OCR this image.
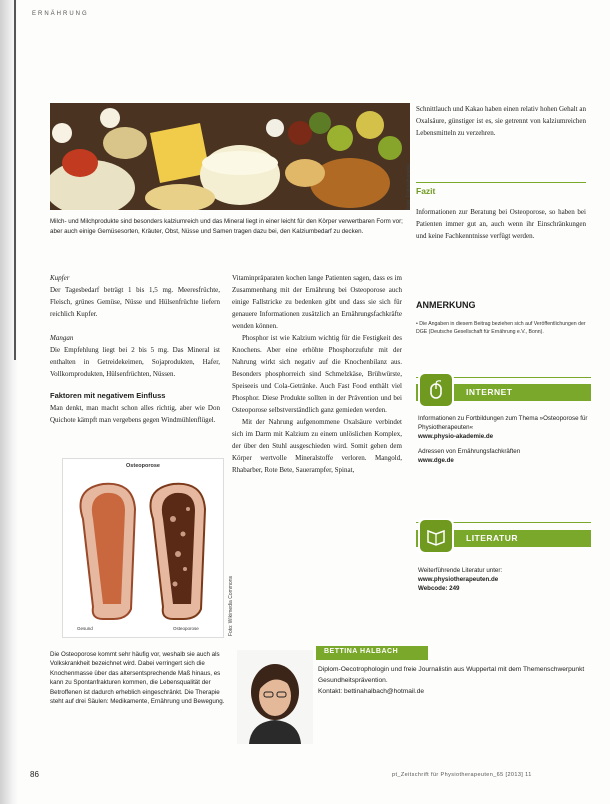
ERNÄHRUNG
Foto: Fotolia/Kanolla
Milch- und Milchprodukte sind besonders kalziumreich und das Mineral liegt in einer leicht für den Körper verwertbaren Form vor; aber auch einige Gemüsesorten, Kräuter, Obst, Nüsse und Samen tragen dazu bei, den Kalziumbedarf zu decken.

Kupfer

Der Tagesbedarf beträgt 1 bis 1,5 mg. Meeresfrüchte, Fleisch, grünes Gemüse, Nüsse und Hülsenfrüchte liefern reichlich Kupfer.

Mangan

Die Empfehlung liegt bei 2 bis 5 mg. Das Mineral ist enthalten in Getreidekeimen, Sojaprodukten, Hafer, Vollkornprodukten, Hülsenfrüchten, Nüssen.

Faktoren mit negativem Einfluss

Man denkt, man macht schon alles richtig, aber wie Don Quichote kämpft man vergebens gegen Windmühlenflügel.

Osteoporose
Gesund	Osteoporose	Foto: Wikimedia Commons
Die Osteoporose kommt sehr häufig vor, weshalb sie auch als Volkskrankheit bezeichnet wird. Dabei verringert sich die Knochenmasse über das altersentsprechende Maß hinaus, es kann zu Spontanfrakturen kommen, die Lebensqualität der Betroffenen ist dadurch erheblich eingeschränkt. Die Therapie steht auf drei Säulen: Medikamente, Ernährung und Bewegung.

Vitaminpräparaten kochen lange Patienten sagen, dass es im Zusammenhang mit der Ernährung bei Osteoporose auch einige Fallstricke zu bedenken gibt und dass sie sich für genauere Informationen zusätzlich an Ernährungsfachkräfte wenden können.

Phosphor ist wie Kalzium wichtig für die Festigkeit des Knochens. Aber eine erhöhte Phosphorzufuhr mit der Nahrung wirkt sich negativ auf die Knochenbilanz aus. Besonders phosphorreich sind Schmelzkäse, Brühwürste, Speiseeis und Cola-Getränke. Auch Fast Food enthält viel Phosphor. Diese Produkte sollten in der Prävention und bei Osteoporose selbstverständlich ganz gemieden werden.

Mit der Nahrung aufgenommene Oxalsäure verbindet sich im Darm mit Kalzium zu einem unlöslichen Komplex, der über den Stuhl ausgeschieden wird. Somit gehen dem Körper wertvolle Mineralstoffe verloren. Mangold, Rhabarber, Rote Bete, Sauerampfer, Spinat,

Schnittlauch und Kakao haben einen relativ hohen Gehalt an Oxalsäure, günstiger ist es, sie getrennt von kalziumreichen Lebensmitteln zu verzehren.

Fazit

Informationen zur Beratung bei Osteoporose, so haben bei Patienten immer gut an, auch wenn ihr Einschränkungen und keine Fachkenntnisse verfügt werden.

ANMERKUNG
• Die Angaben in diesem Beitrag beziehen sich auf Veröffentlichungen der DGE (Deutsche Gesellschaft für Ernährung e.V., Bonn).
INTERNET
Informationen zu Fortbildungen zum Thema »Osteoporose für Physiotherapeuten«
www.physio-akademie.de
Adressen von Ernährungsfachkräften
www.dge.de
LITERATUR
Weiterführende Literatur unter:
www.physiotherapeuten.de
Webcode: 249
BETTINA HALBACH
Diplom-Oecotrophologin und freie Journalistin aus Wuppertal mit dem Themenschwerpunkt Gesundheitsprävention.
Kontakt: bettinahalbach@hotmail.de
86	pt_Zeitschrift für Physiotherapeuten_65 [2013] 11
